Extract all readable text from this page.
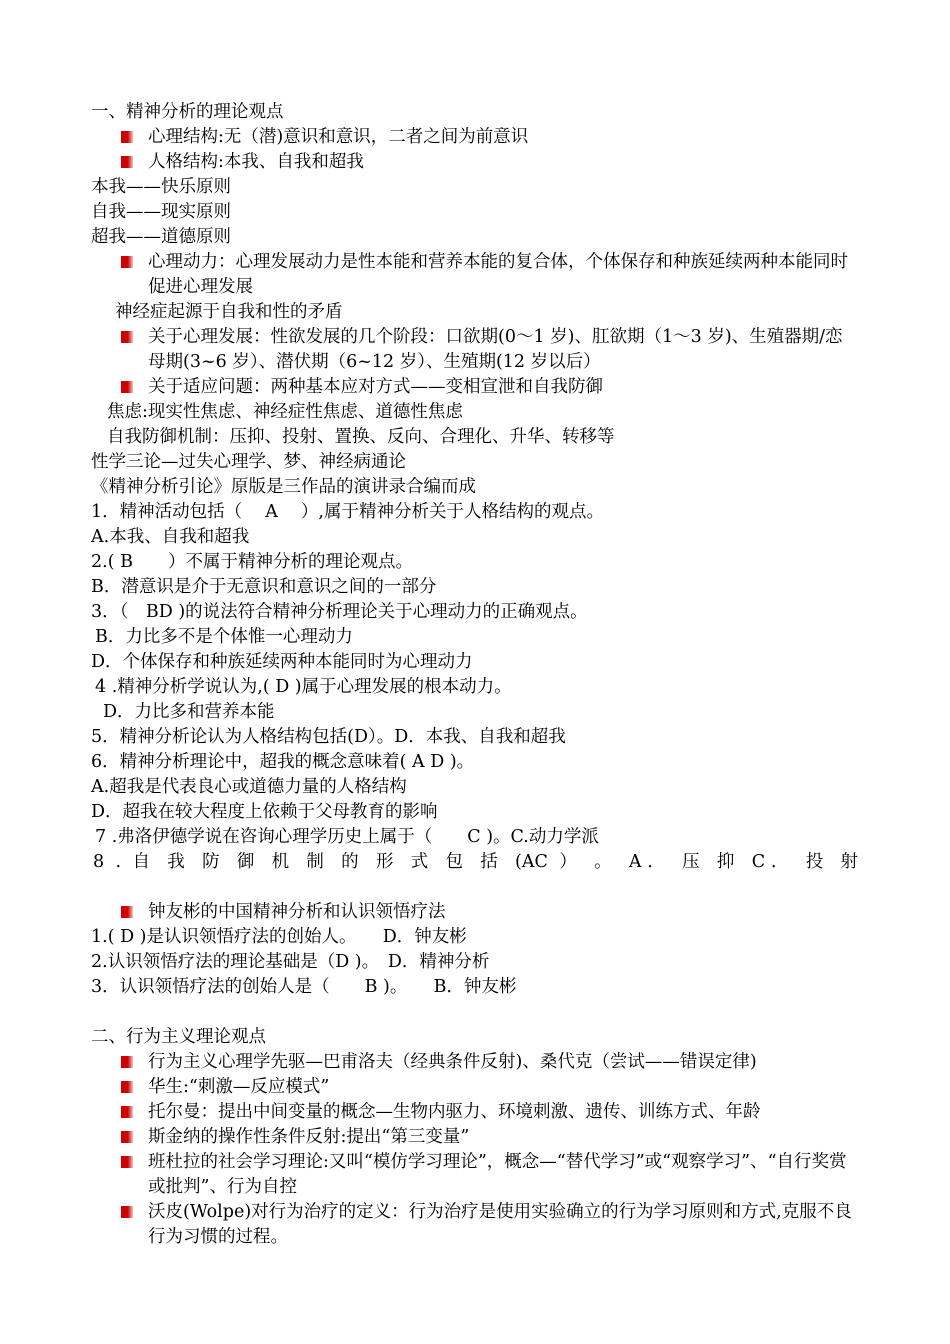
一、精神分析的理论观点
心理结构:无（潜)意识和意识，二者之间为前意识
人格结构:本我、自我和超我
本我——快乐原则
自我——现实原则
超我——道德原则
心理动力：心理发展动力是性本能和营养本能的复合体，个体保存和种族延续两种本能同时促进心理发展
神经症起源于自我和性的矛盾
关于心理发展：性欲发展的几个阶段：口欲期(0～1 岁)、肛欲期（1～3 岁)、生殖器期/恋母期(3~6 岁）、潜伏期（6~12 岁）、生殖期(12 岁以后）
关于适应问题：两种基本应对方式——变相宣泄和自我防御
焦虑:现实性焦虑、神经症性焦虑、道德性焦虑
自我防御机制：压抑、投射、置换、反向、合理化、升华、转移等
性学三论—过失心理学、梦、神经病通论
《精神分析引论》原版是三作品的演讲录合编而成
1．精神活动包括（　 A　 ）,属于精神分析关于人格结构的观点。
A.本我、自我和超我
2.( B　　）不属于精神分析的理论观点。
B．潜意识是介于无意识和意识之间的一部分
3．（　BD )的说法符合精神分析理论关于心理动力的正确观点。
B．力比多不是个体惟一心理动力
D．个体保存和种族延续两种本能同时为心理动力
4 .精神分析学说认为,( D )属于心理发展的根本动力。
D．力比多和营养本能
5．精神分析论认为人格结构包括(D）。D．本我、自我和超我
6．精神分析理论中，超我的概念意味着( A D )。
A.超我是代表良心或道德力量的人格结构
D．超我在较大程度上依赖于父母教育的影响
7 .弗洛伊德学说在咨询心理学历史上属于（　　C )。C.动力学派
8 . 自 我 防 御 机 制 的 形 式 包 括 (AC ） 。 A． 压 抑 C． 投 射
钟友彬的中国精神分析和认识领悟疗法
1.( D )是认识领悟疗法的创始人。　　D．钟友彬
2.认识领悟疗法的理论基础是（D )。　D．精神分析
3．认识领悟疗法的创始人是（　　B )。　　B．钟友彬
二、行为主义理论观点
行为主义心理学先驱—巴甫洛夫（经典条件反射)、桑代克（尝试——错误定律)
华生:“刺激—反应模式”
托尔曼：提出中间变量的概念—生物内驱力、环境刺激、遗传、训练方式、年龄
斯金纳的操作性条件反射:提出“第三变量”
班杜拉的社会学习理论:又叫“模仿学习理论”，概念—“替代学习”或“观察学习”、“自行奖赏或批判”、行为自控
沃皮(Wolpe)对行为治疗的定义：行为治疗是使用实验确立的行为学习原则和方式,克服不良行为习惯的过程。
